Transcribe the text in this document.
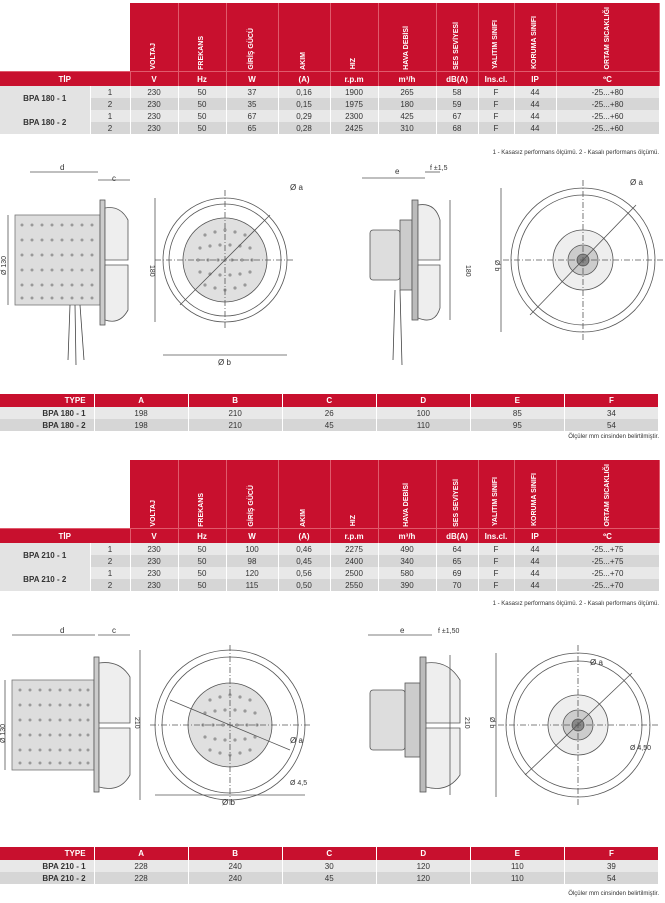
		VOLTAJ	FREKANS	GİRİŞ GÜCÜ	AKIM	HIZ	HAVA DEBİSİ	SES SEVİYESİ	YALITIM SINIFI	KORUMA SINIFI	ORTAM SICAKLIĞI
TİP		V	Hz	W	(A)	r.p.m	m³/h	dB(A)	Ins.cl.	IP	ºC
BPA 180 - 1	1	230	50	37	0,16	1900	265	58	F	44	-25...+80
	2	230	50	35	0,15	1975	180	59	F	44	-25...+80
BPA 180 - 2	1	230	50	67	0,29	2300	425	67	F	44	-25...+60
	2	230	50	65	0,28	2425	310	68	F	44	-25...+60
1 - Kasasız performans ölçümü. 2 - Kasalı performans ölçümü.
d
c
Ø 130
Ø a
Ø b
180
e	f ±1,5
Ø a
Ø b
180
TYPE	A	B	C	D	E	F
BPA 180 - 1	198	210	26	100	85	34
BPA 180 - 2	198	210	45	110	95	54
Ölçüler mm cinsinden belirtilmiştir.
		VOLTAJ	FREKANS	GİRİŞ GÜCÜ	AKIM	HIZ	HAVA DEBİSİ	SES SEVİYESİ	YALITIM SINIFI	KORUMA SINIFI	ORTAM SICAKLIĞI
TİP		V	Hz	W	(A)	r.p.m	m³/h	dB(A)	Ins.cl.	IP	ºC
BPA 210 - 1	1	230	50	100	0,46	2275	490	64	F	44	-25...+75
	2	230	50	98	0,45	2400	340	65	F	44	-25...+75
BPA 210 - 2	1	230	50	120	0,56	2500	580	69	F	44	-25...+70
	2	230	50	115	0,50	2550	390	70	F	44	-25...+70
1 - Kasasız performans ölçümü. 2 - Kasalı performans ölçümü.
d	c
Ø 130	Ø a
Ø b
Ø 4,5
210
e	f ±1,50
210
Ø a
Ø b
Ø 4,50
TYPE	A	B	C	D	E	F
BPA 210 - 1	228	240	30	120	110	39
BPA 210 - 2	228	240	45	120	110	54
Ölçüler mm cinsinden belirtilmiştir.
